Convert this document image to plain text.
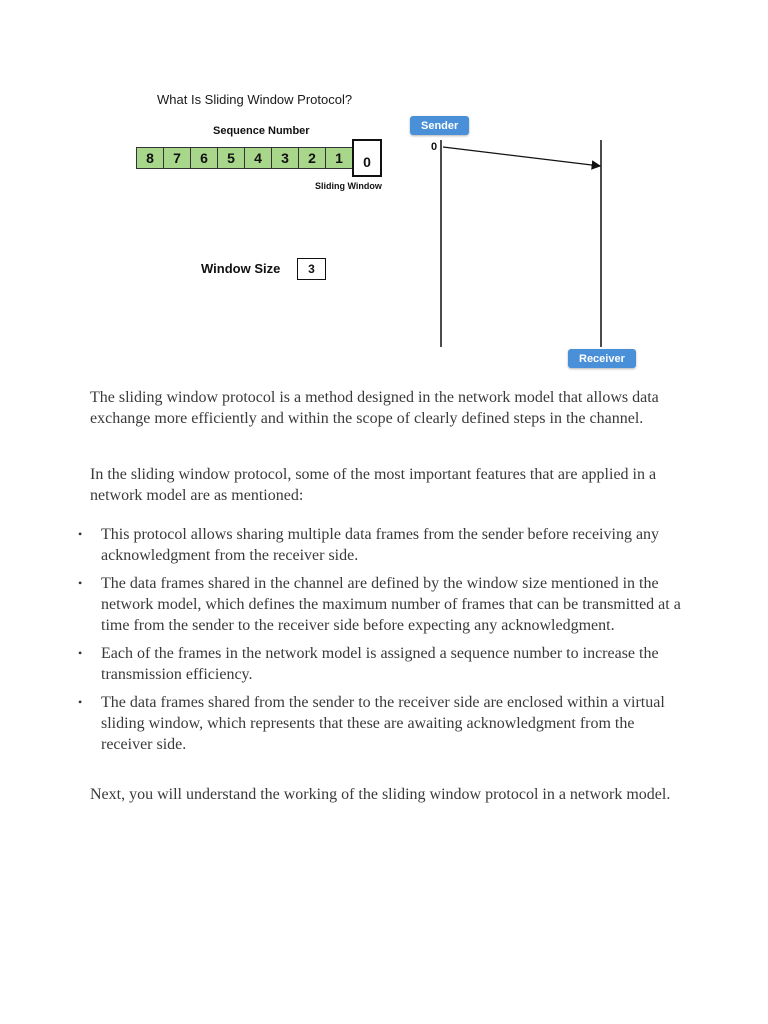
What Is Sliding Window Protocol?
Sequence Number
8	7	6	5	4	3	2	1	0
Sliding Window
Window Size	3
0
Sender
Receiver

The sliding window protocol is a method designed in the network model that allows data exchange more efficiently and within the scope of clearly defined steps in the channel.

In the sliding window protocol, some of the most important features that are applied in a network model are as mentioned:

• This protocol allows sharing multiple data frames from the sender before receiving any acknowledgment from the receiver side.
• The data frames shared in the channel are defined by the window size mentioned in the network model, which defines the maximum number of frames that can be transmitted at a time from the sender to the receiver side before expecting any acknowledgment.
• Each of the frames in the network model is assigned a sequence number to increase the transmission efficiency.
• The data frames shared from the sender to the receiver side are enclosed within a virtual sliding window, which represents that these are awaiting acknowledgment from the receiver side.

Next, you will understand the working of the sliding window protocol in a network model.
